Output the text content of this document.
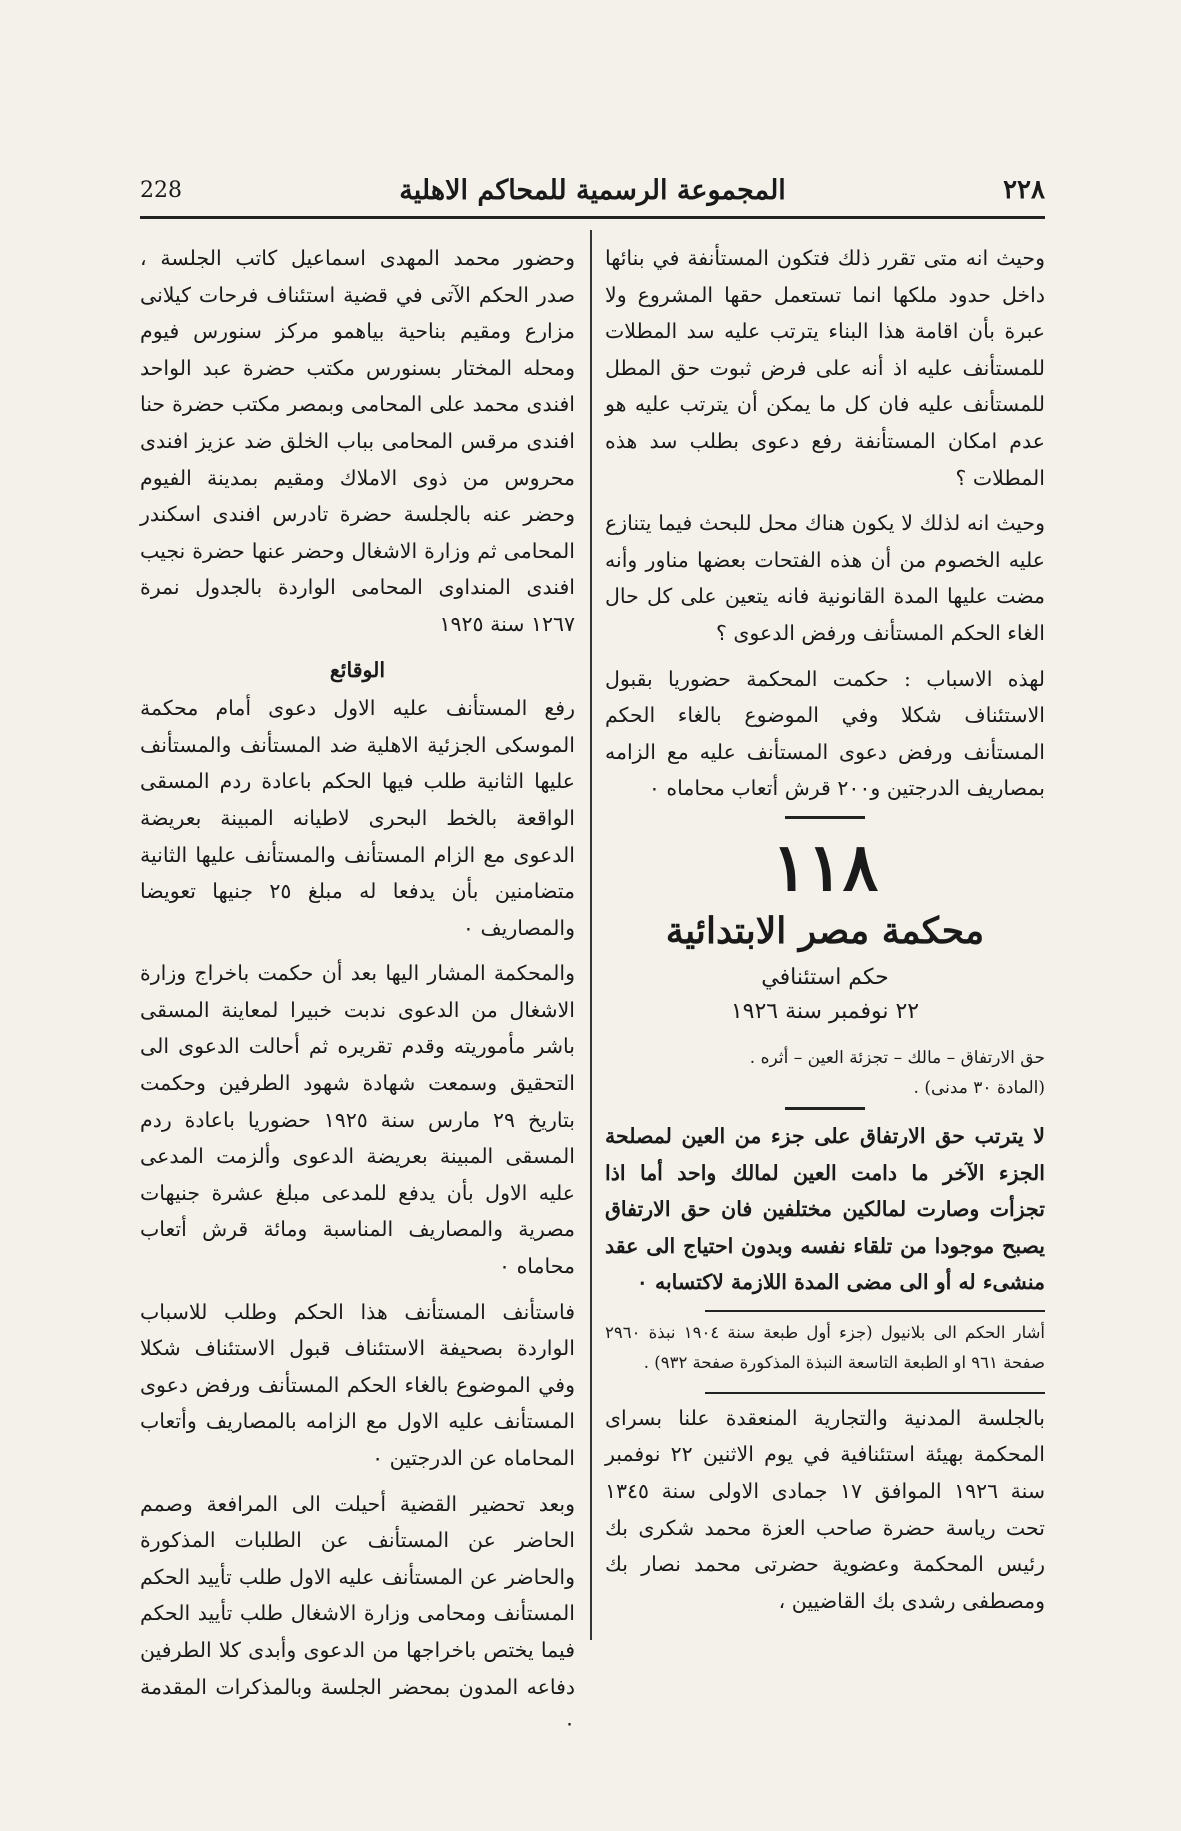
228	المجموعة الرسمية للمحاكم الاهلية	٢٢٨

وحيث انه متى تقرر ذلك فتكون المستأنفة في بنائها داخل حدود ملكها انما تستعمل حقها المشروع ولا عبرة بأن اقامة هذا البناء يترتب عليه سد المطلات للمستأنف عليه اذ أنه على فرض ثبوت حق المطل للمستأنف عليه فان كل ما يمكن أن يترتب عليه هو عدم امكان المستأنفة رفع دعوى بطلب سد هذه المطلات ؟

وحيث انه لذلك لا يكون هناك محل للبحث فيما يتنازع عليه الخصوم من أن هذه الفتحات بعضها مناور وأنه مضت عليها المدة القانونية فانه يتعين على كل حال الغاء الحكم المستأنف ورفض الدعوى ؟

لهذه الاسباب : حكمت المحكمة حضوريا بقبول الاستئناف شكلا وفي الموضوع بالغاء الحكم المستأنف ورفض دعوى المستأنف عليه مع الزامه بمصاريف الدرجتين و٢٠٠ قرش أتعاب محاماه ٠

١١٨
محكمة مصر الابتدائية
حكم استئنافي
٢٢ نوفمبر سنة ١٩٢٦
حق الارتفاق – مالك – تجزئة العين – أثره .
(المادة ٣٠ مدنى) .

لا يترتب حق الارتفاق على جزء من العين لمصلحة الجزء الآخر ما دامت العين لمالك واحد أما اذا تجزأت وصارت لمالكين مختلفين فان حق الارتفاق يصبح موجودا من تلقاء نفسه وبدون احتياج الى عقد منشىء له أو الى مضى المدة اللازمة لاكتسابه ٠

أشار الحكم الى بلانيول (جزء أول طبعة سنة ١٩٠٤ نبذة ٢٩٦٠ صفحة ٩٦١ او الطبعة التاسعة النبذة المذكورة صفحة ٩٣٢) .

بالجلسة المدنية والتجارية المنعقدة علنا بسراى المحكمة بهيئة استئنافية في يوم الاثنين ٢٢ نوفمبر سنة ١٩٢٦ الموافق ١٧ جمادى الاولى سنة ١٣٤٥ تحت رياسة حضرة صاحب العزة محمد شكرى بك رئيس المحكمة وعضوية حضرتى محمد نصار بك ومصطفى رشدى بك القاضيين ،

وحضور محمد المهدى اسماعيل كاتب الجلسة ، صدر الحكم الآتى في قضية استئناف فرحات كيلانى مزارع ومقيم بناحية بياهمو مركز سنورس فيوم ومحله المختار بسنورس مكتب حضرة عبد الواحد افندى محمد على المحامى وبمصر مكتب حضرة حنا افندى مرقس المحامى بباب الخلق ضد عزيز افندى محروس من ذوى الاملاك ومقيم بمدينة الفيوم وحضر عنه بالجلسة حضرة تادرس افندى اسكندر المحامى ثم وزارة الاشغال وحضر عنها حضرة نجيب افندى المنداوى المحامى الواردة بالجدول نمرة ١٢٦٧ سنة ١٩٢٥

الوقائع

رفع المستأنف عليه الاول دعوى أمام محكمة الموسكى الجزئية الاهلية ضد المستأنف والمستأنف عليها الثانية طلب فيها الحكم باعادة ردم المسقى الواقعة بالخط البحرى لاطيانه المبينة بعريضة الدعوى مع الزام المستأنف والمستأنف عليها الثانية متضامنين بأن يدفعا له مبلغ ٢٥ جنيها تعويضا والمصاريف ٠

والمحكمة المشار اليها بعد أن حكمت باخراج وزارة الاشغال من الدعوى ندبت خبيرا لمعاينة المسقى باشر مأموريته وقدم تقريره ثم أحالت الدعوى الى التحقيق وسمعت شهادة شهود الطرفين وحكمت بتاريخ ٢٩ مارس سنة ١٩٢٥ حضوريا باعادة ردم المسقى المبينة بعريضة الدعوى وألزمت المدعى عليه الاول بأن يدفع للمدعى مبلغ عشرة جنيهات مصرية والمصاريف المناسبة ومائة قرش أتعاب محاماه ٠

فاستأنف المستأنف هذا الحكم وطلب للاسباب الواردة بصحيفة الاستئناف قبول الاستئناف شكلا وفي الموضوع بالغاء الحكم المستأنف ورفض دعوى المستأنف عليه الاول مع الزامه بالمصاريف وأتعاب المحاماه عن الدرجتين ٠

وبعد تحضير القضية أحيلت الى المرافعة وصمم الحاضر عن المستأنف عن الطلبات المذكورة والحاضر عن المستأنف عليه الاول طلب تأييد الحكم المستأنف ومحامى وزارة الاشغال طلب تأييد الحكم فيما يختص باخراجها من الدعوى وأبدى كلا الطرفين دفاعه المدون بمحضر الجلسة وبالمذكرات المقدمة ٠
